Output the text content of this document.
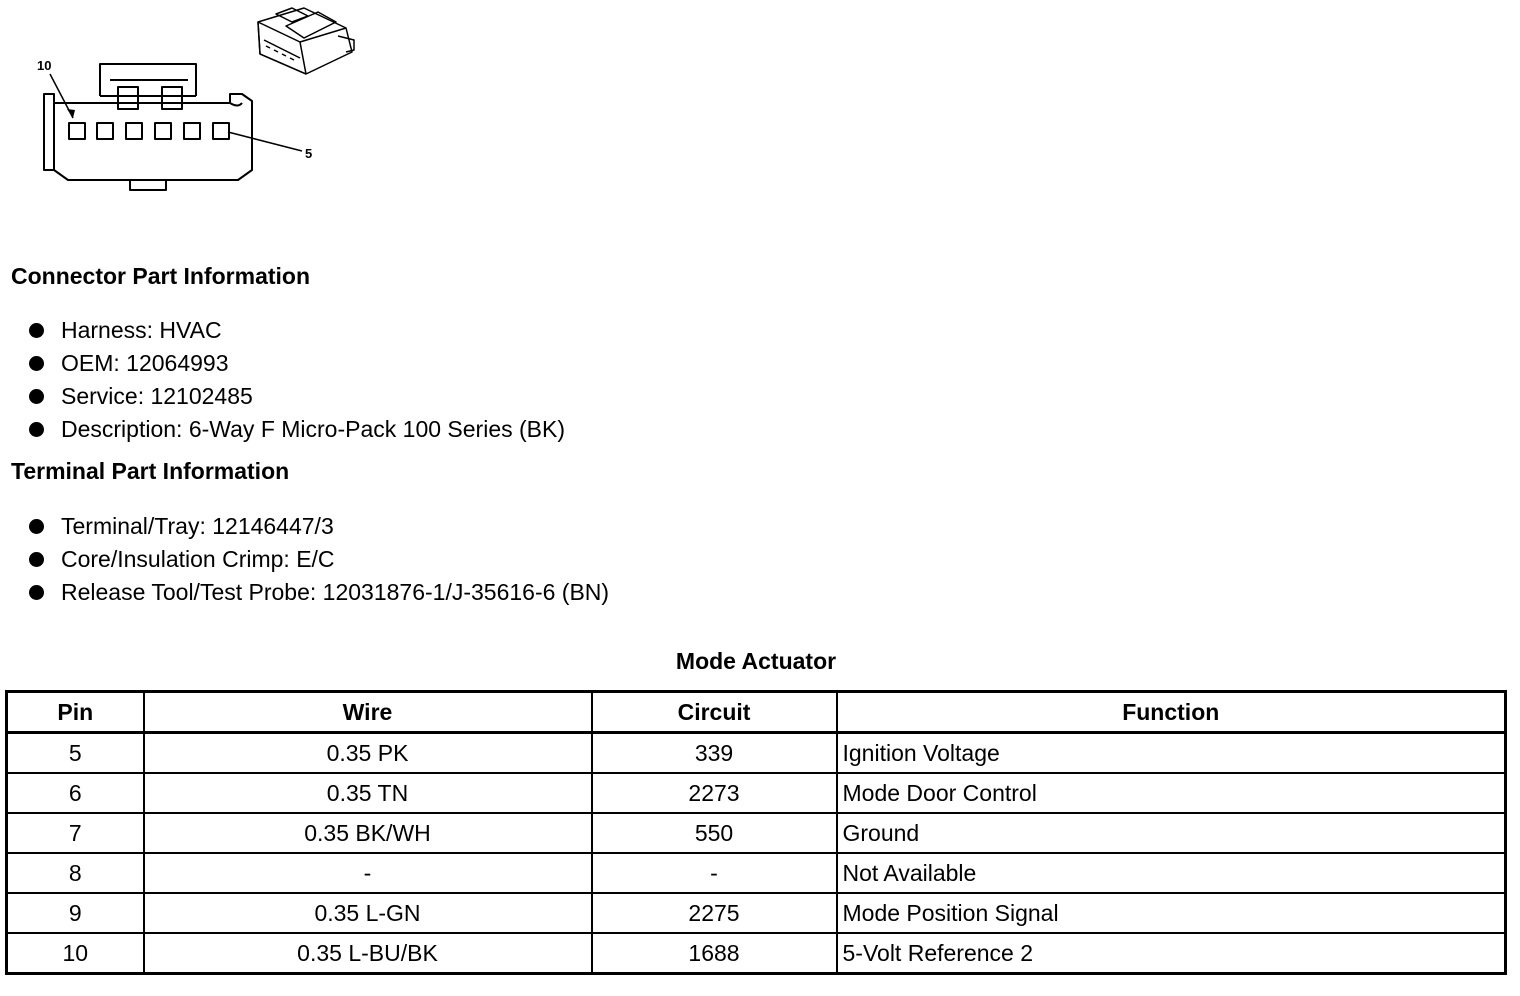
10
5
Connector Part Information
Harness: HVAC
OEM: 12064993
Service: 12102485
Description: 6-Way F Micro-Pack 100 Series (BK)
Terminal Part Information
Terminal/Tray: 12146447/3
Core/Insulation Crimp: E/C
Release Tool/Test Probe: 12031876-1/J-35616-6 (BN)
Mode Actuator
Pin	Wire	Circuit	Function
5	0.35 PK	339	Ignition Voltage
6	0.35 TN	2273	Mode Door Control
7	0.35 BK/WH	550	Ground
8	-	-	Not Available
9	0.35 L-GN	2275	Mode Position Signal
10	0.35 L-BU/BK	1688	5-Volt Reference 2
